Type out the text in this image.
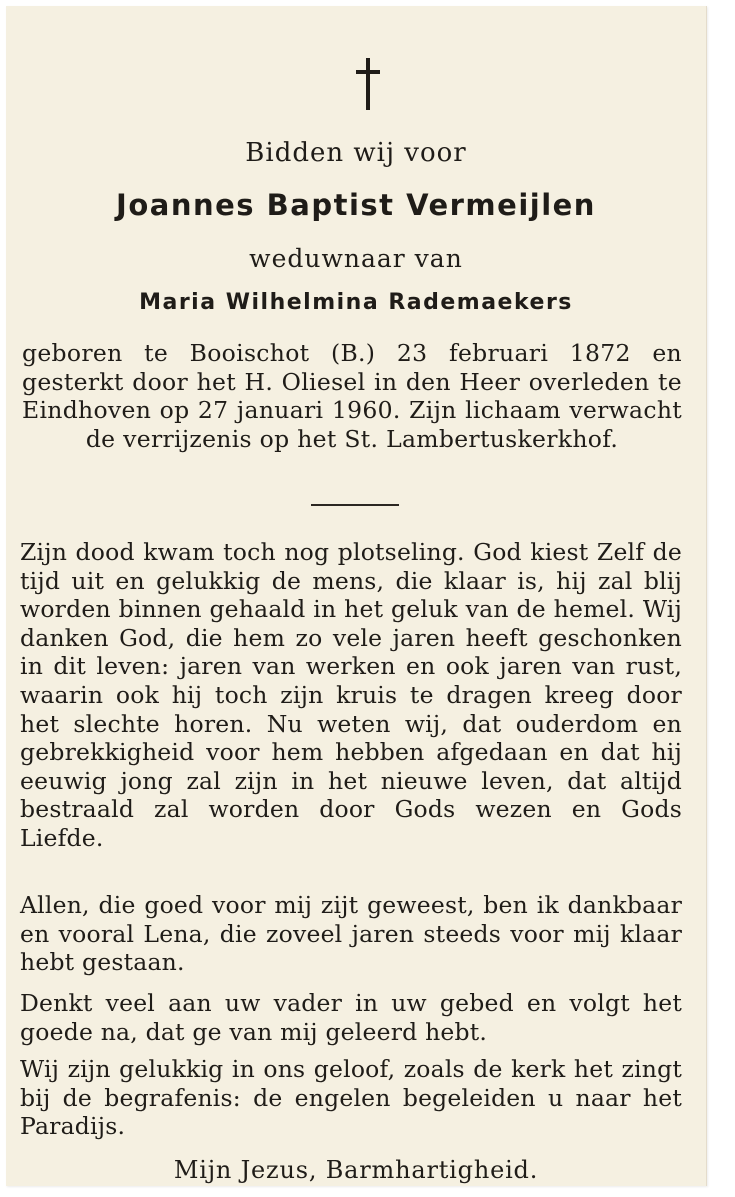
Bidden wij voor
Joannes Baptist Vermeijlen
weduwnaar van
Maria Wilhelmina Rademaekers
geboren te Booischot (B.) 23 februari 1872 en gesterkt door het H. Oliesel in den Heer overleden te Eindhoven op 27 januari 1960. Zijn lichaam verwacht de verrijzenis op het St. Lambertuskerkhof.

Zijn dood kwam toch nog plotseling. God kiest Zelf de tijd uit en gelukkig de mens, die klaar is, hij zal blij worden binnen gehaald in het geluk van de hemel. Wij danken God, die hem zo vele jaren heeft geschonken in dit leven: jaren van werken en ook jaren van rust, waarin ook hij toch zijn kruis te dragen kreeg door het slechte horen. Nu weten wij, dat ouderdom en gebrekkigheid voor hem hebben afgedaan en dat hij eeuwig jong zal zijn in het nieuwe leven, dat altijd bestraald zal worden door Gods wezen en Gods Liefde.

Allen, die goed voor mij zijt geweest, ben ik dankbaar en vooral Lena, die zoveel jaren steeds voor mij klaar hebt gestaan.

Denkt veel aan uw vader in uw gebed en volgt het goede na, dat ge van mij geleerd hebt.

Wij zijn gelukkig in ons geloof, zoals de kerk het zingt bij de begrafenis: de engelen begeleiden u naar het Paradijs.

Mijn Jezus, Barmhartigheid.
